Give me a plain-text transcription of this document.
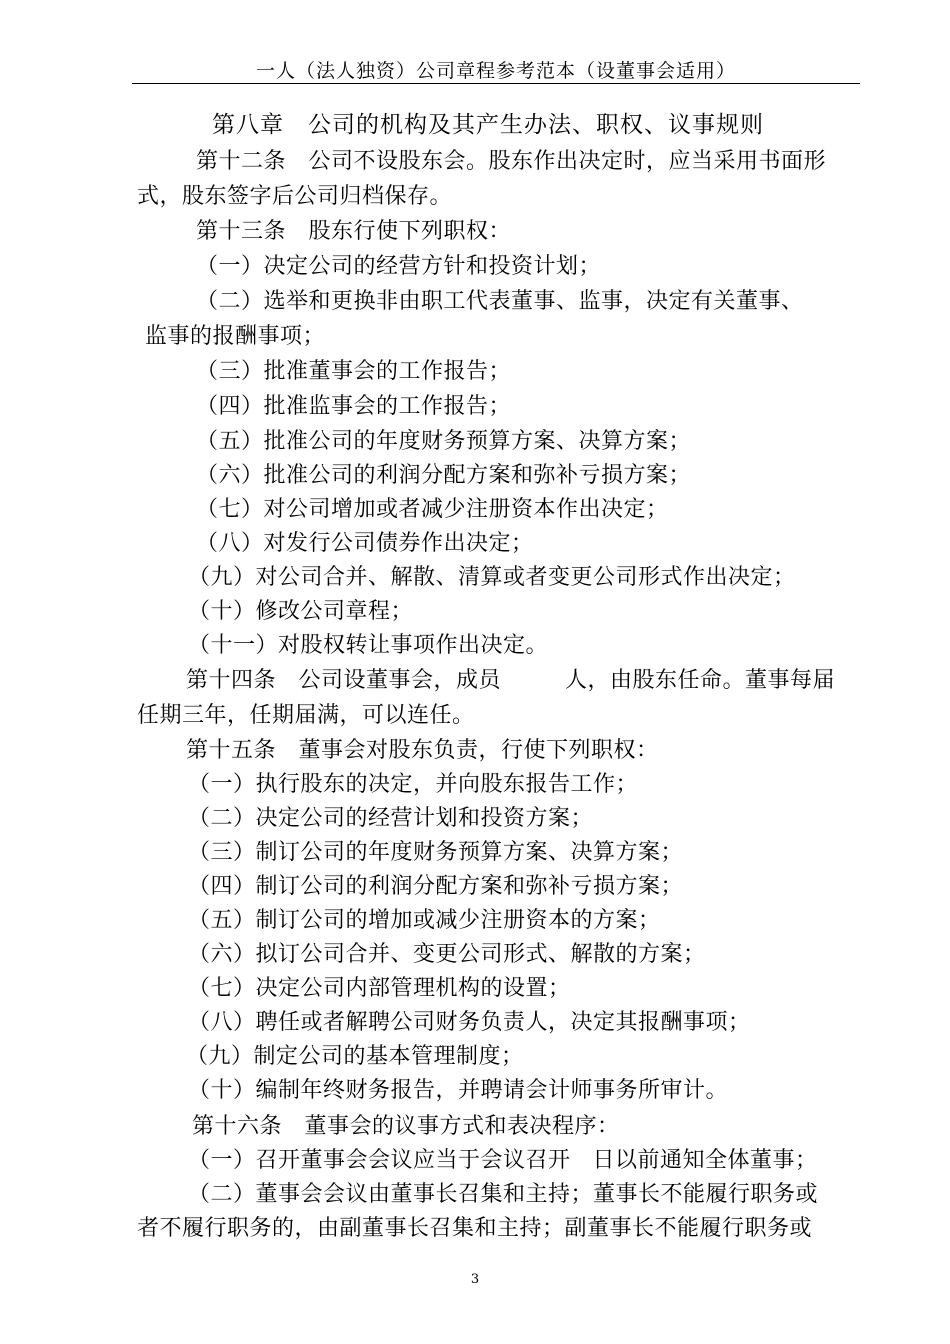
一人（法人独资）公司章程参考范本（设董事会适用）
第八章　公司的机构及其产生办法、职权、议事规则
第十二条　公司不设股东会。股东作出决定时，应当采用书面形
式，股东签字后公司归档保存。
第十三条　股东行使下列职权：
（一）决定公司的经营方针和投资计划；
（二）选举和更换非由职工代表董事、监事，决定有关董事、
监事的报酬事项；
（三）批准董事会的工作报告；
（四）批准监事会的工作报告；
（五）批准公司的年度财务预算方案、决算方案；
（六）批准公司的利润分配方案和弥补亏损方案；
（七）对公司增加或者减少注册资本作出决定；
（八）对发行公司债券作出决定；
（九）对公司合并、解散、清算或者变更公司形式作出决定；
（十）修改公司章程；
（十一）对股权转让事项作出决定。
第十四条　公司设董事会，成员	人，由股东任命。董事每届
任期三年，任期届满，可以连任。
第十五条　董事会对股东负责，行使下列职权：
（一）执行股东的决定，并向股东报告工作；
（二）决定公司的经营计划和投资方案；
（三）制订公司的年度财务预算方案、决算方案；
（四）制订公司的利润分配方案和弥补亏损方案；
（五）制订公司的增加或减少注册资本的方案；
（六）拟订公司合并、变更公司形式、解散的方案；
（七）决定公司内部管理机构的设置；
（八）聘任或者解聘公司财务负责人，决定其报酬事项；
（九）制定公司的基本管理制度；
（十）编制年终财务报告，并聘请会计师事务所审计。
第十六条　董事会的议事方式和表决程序：
（一）召开董事会会议应当于会议召开 日以前通知全体董事；
（二）董事会会议由董事长召集和主持；董事长不能履行职务或
者不履行职务的，由副董事长召集和主持；副董事长不能履行职务或
3
